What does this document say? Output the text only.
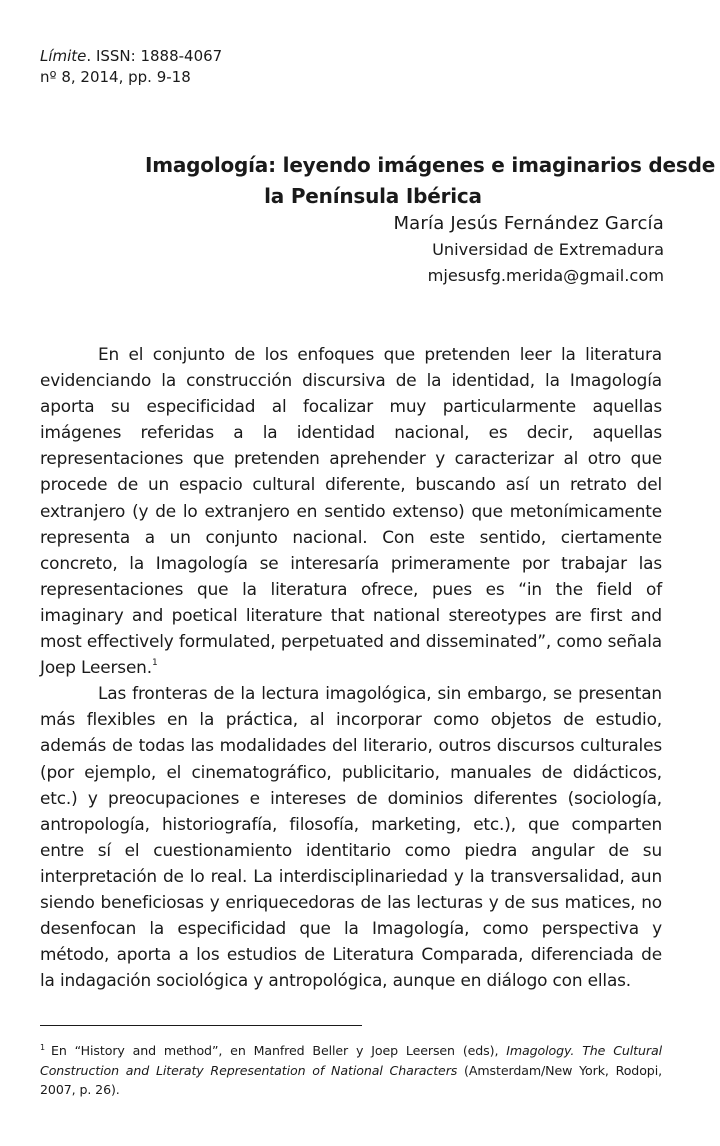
Límite. ISSN: 1888-4067
nº 8, 2014, pp. 9-18
Imagología: leyendo imágenes e imaginarios desde
la Península Ibérica
María Jesús Fernández García
Universidad de Extremadura
mjesusfg.merida@gmail.com

En el conjunto de los enfoques que pretenden leer la literatura evidenciando la construcción discursiva de la identidad, la Imagología aporta su especificidad al focalizar muy particularmente aquellas imágenes referidas a la identidad nacional, es decir, aquellas representaciones que pretenden aprehender y caracterizar al otro que procede de un espacio cultural diferente, buscando así un retrato del extranjero (y de lo extranjero en sentido extenso) que metonímicamente representa a un conjunto nacional. Con este sentido, ciertamente concreto, la Imagología se interesaría primeramente por trabajar las representaciones que la literatura ofrece, pues es “in the field of imaginary and poetical literature that national stereotypes are first and most effectively formulated, perpetuated and disseminated”, como señala Joep Leersen.$^1$

Las fronteras de la lectura imagológica, sin embargo, se presentan más flexibles en la práctica, al incorporar como objetos de estudio, además de todas las modalidades del literario, outros discursos culturales (por ejemplo, el cinematográfico, publicitario, manuales de didácticos, etc.) y preocupaciones e intereses de dominios diferentes (sociología, antropología, historiografía, filosofía, marketing, etc.), que comparten entre sí el cuestionamiento identitario como piedra angular de su interpretación de lo real. La interdisciplinariedad y la transversalidad, aun siendo beneficiosas y enriquecedoras de las lecturas y de sus matices, no desenfocan la especificidad que la Imagología, como perspectiva y método, aporta a los estudios de Literatura Comparada, diferenciada de la indagación sociológica y antropológica, aunque en diálogo con ellas.

$^1$ En “History and method”, en Manfred Beller y Joep Leersen (eds), Imagology. The Cultural Construction and Literaty Representation of National Characters (Amsterdam/New York, Rodopi, 2007, p. 26).
